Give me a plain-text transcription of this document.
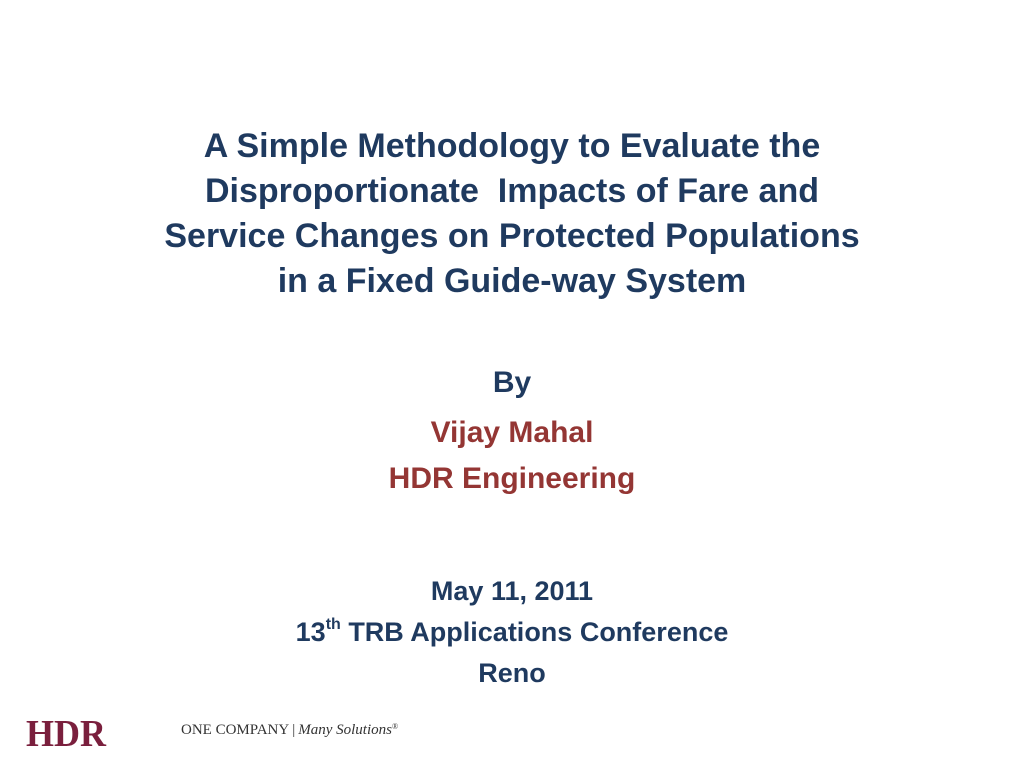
A Simple Methodology to Evaluate the
Disproportionate  Impacts of Fare and
Service Changes on Protected Populations
in a Fixed Guide-way System
By
Vijay Mahal
HDR Engineering
May 11, 2011
13th TRB Applications Conference
Reno
HDR	ONE COMPANY | Many Solutions®
